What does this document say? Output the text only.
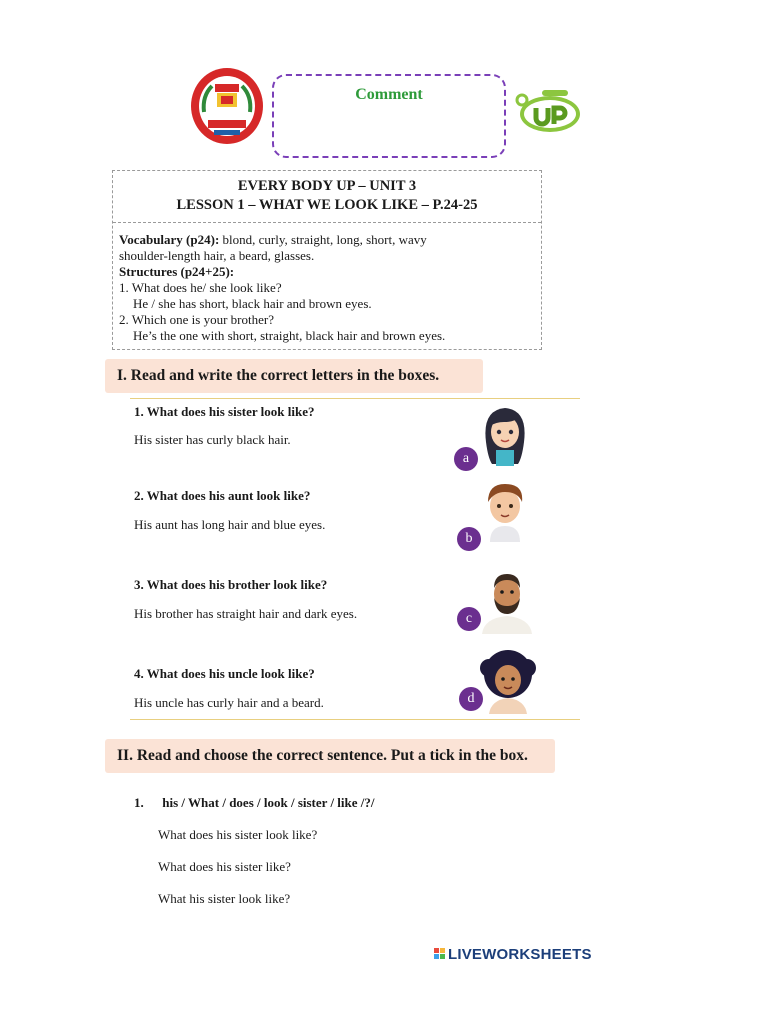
Comment
EVERY BODY UP – UNIT 3
LESSON 1 – WHAT WE LOOK LIKE – P.24-25
Vocabulary (p24): blond, curly, straight, long, short, wavy
shoulder-length hair, a beard, glasses.
Structures (p24+25):
1. What does he/ she look like?
He / she has short, black hair and brown eyes.
2. Which one is your brother?
He’s the one with short, straight, black hair and brown eyes.
I. Read and write the correct letters in the boxes.
1. What does his sister look like?
His sister has curly black hair.
a
2. What does his aunt look like?
His aunt has long hair and blue eyes.
b
3. What does his brother look like?
His brother has straight hair and dark eyes.	c
4. What does his uncle look like?
His uncle has curly hair and a beard.	d
II. Read and choose the correct sentence. Put a tick in the box.
1. his / What / does / look / sister / like /?/
What does his sister look like?
What does his sister like?
What his sister look like?
LIVEWORKSHEETS
